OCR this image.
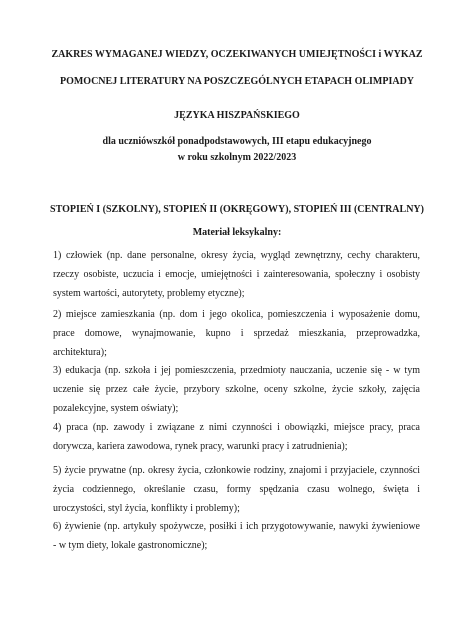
ZAKRES WYMAGANEJ WIEDZY, OCZEKIWANYCH UMIEJĘTNOŚCI i WYKAZ
POMOCNEJ LITERATURY NA POSZCZEGÓLNYCH ETAPACH OLIMPIADY
JĘZYKA HISZPAŃSKIEGO
dla uczniówszkół ponadpodstawowych, III etapu edukacyjnego
w roku szkolnym 2022/2023
STOPIEŃ I (SZKOLNY), STOPIEŃ II (OKRĘGOWY), STOPIEŃ III (CENTRALNY)
Materiał leksykalny:
1) człowiek (np. dane personalne, okresy życia, wygląd zewnętrzny, cechy charakteru,
rzeczy osobiste, uczucia i emocje, umiejętności i zainteresowania, społeczny i osobisty
system wartości, autorytety, problemy etyczne);
2) miejsce zamieszkania (np. dom i jego okolica, pomieszczenia i wyposażenie domu,
prace domowe, wynajmowanie, kupno i sprzedaż mieszkania, przeprowadzka,
architektura);
3) edukacja (np. szkoła i jej pomieszczenia, przedmioty nauczania, uczenie się - w tym
uczenie się przez całe życie, przybory szkolne, oceny szkolne, życie szkoły, zajęcia
pozalekcyjne, system oświaty);
4) praca (np. zawody i związane z nimi czynności i obowiązki, miejsce pracy, praca
dorywcza, kariera zawodowa, rynek pracy, warunki pracy i zatrudnienia);
5) życie prywatne (np. okresy życia, członkowie rodziny, znajomi i przyjaciele, czynności
życia codziennego, określanie czasu, formy spędzania czasu wolnego, święta i
uroczystości, styl życia, konflikty i problemy);
6) żywienie (np. artykuły spożywcze, posiłki i ich przygotowywanie, nawyki żywieniowe
- w tym diety, lokale gastronomiczne);
